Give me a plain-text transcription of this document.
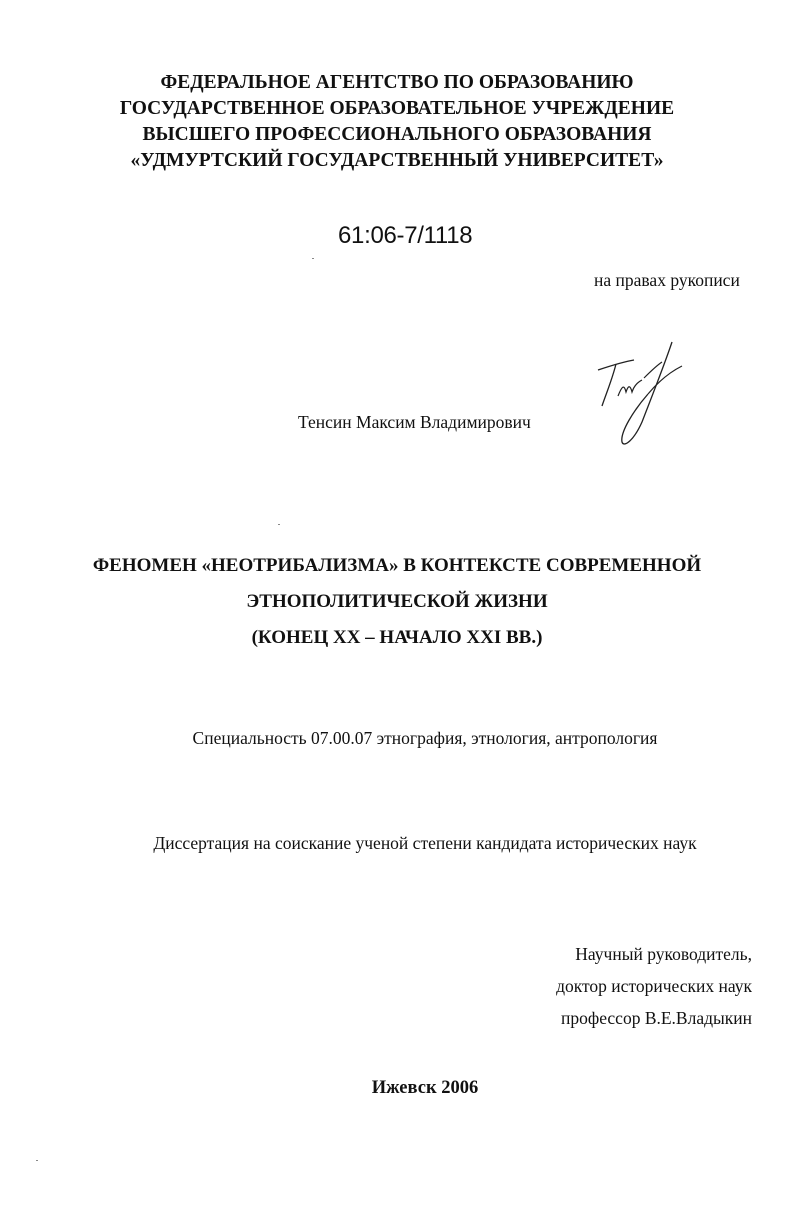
ФЕДЕРАЛЬНОЕ АГЕНТСТВО ПО ОБРАЗОВАНИЮ
ГОСУДАРСТВЕННОЕ ОБРАЗОВАТЕЛЬНОЕ УЧРЕЖДЕНИЕ
ВЫСШЕГО ПРОФЕССИОНАЛЬНОГО ОБРАЗОВАНИЯ
«УДМУРТСКИЙ ГОСУДАРСТВЕННЫЙ УНИВЕРСИТЕТ»
61:06-7/1118
на правах рукописи
Тенсин Максим Владимирович
ФЕНОМЕН «НЕОТРИБАЛИЗМА» В КОНТЕКСТЕ СОВРЕМЕННОЙ
ЭТНОПОЛИТИЧЕСКОЙ ЖИЗНИ
(КОНЕЦ XX – НАЧАЛО XXI ВВ.)
Специальность 07.00.07 этнография, этнология, антропология
Диссертация на соискание ученой степени кандидата исторических наук
Научный руководитель,
доктор исторических наук
профессор В.Е.Владыкин
Ижевск 2006
